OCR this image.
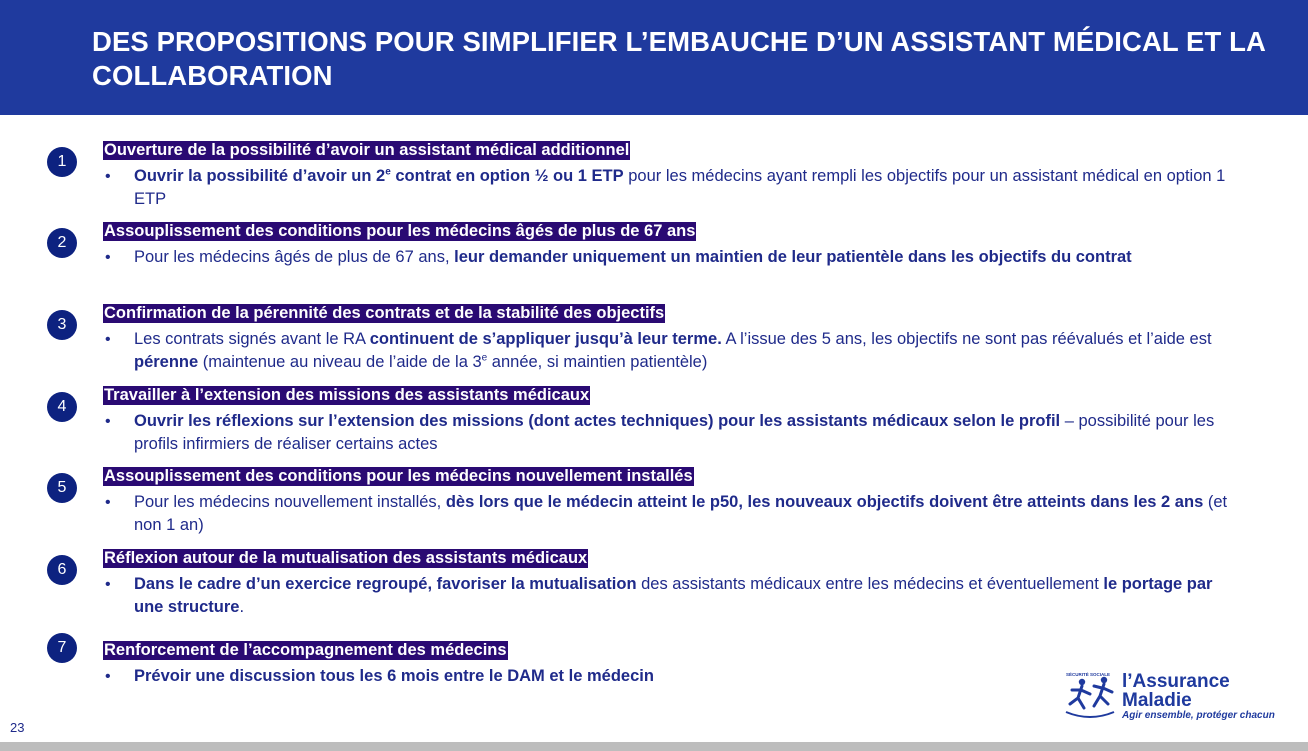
DES PROPOSITIONS POUR SIMPLIFIER L’EMBAUCHE D’UN ASSISTANT MÉDICAL ET LA COLLABORATION
1
Ouverture de la possibilité d’avoir un assistant médical additionnel
• Ouvrir la possibilité d’avoir un 2e contrat en option ½ ou 1 ETP pour les médecins ayant rempli les objectifs pour un assistant médical en option 1 ETP
2
Assouplissement des conditions pour les médecins âgés de plus de 67 ans
• Pour les médecins âgés de plus de 67 ans, leur demander uniquement un maintien de leur patientèle dans les objectifs du contrat
3
Confirmation de la pérennité des contrats et de la stabilité des objectifs
• Les contrats signés avant le RA continuent de s’appliquer jusqu’à leur terme. A l’issue des 5 ans, les objectifs ne sont pas réévalués et l’aide est pérenne (maintenue au niveau de l’aide de la 3e année, si maintien patientèle)
4
Travailler à l’extension des missions des assistants médicaux
• Ouvrir les réflexions sur l’extension des missions (dont actes techniques) pour les assistants médicaux selon le profil – possibilité pour les profils infirmiers de réaliser certains actes
5
Assouplissement des conditions pour les médecins nouvellement installés
• Pour les médecins nouvellement installés, dès lors que le médecin atteint le p50, les nouveaux objectifs doivent être atteints dans les 2 ans (et non 1 an)
6
Réflexion autour de la mutualisation des assistants médicaux
• Dans le cadre d’un exercice regroupé, favoriser la mutualisation des assistants médicaux entre les médecins et éventuellement le portage par une structure.
7	Renforcement de l’accompagnement des médecins
• Prévoir une discussion tous les 6 mois entre le DAM et le médecin	SÉCURITÉ SOCIALE l’Assurance
Maladie
Agir ensemble, protéger chacun
23
